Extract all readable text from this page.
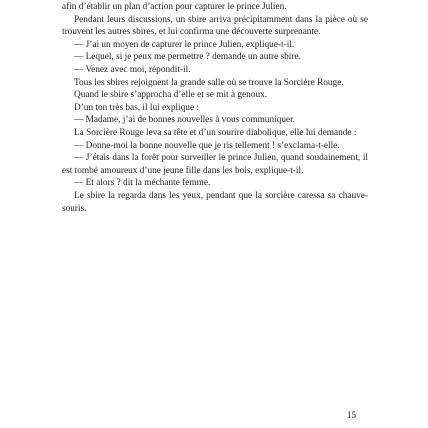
afin d’établir un plan d’action pour capturer le prince Julien.

Pendant leurs discussions, un sbire arriva précipitamment dans la pièce où se trouvent les autres sbires, et lui confirma une découverte surprenante.

— J’ai un moyen de capturer le prince Julien, explique-t-il.

— Lequel, si je peux me permettre ? demande un autre sbire.

— Venez avec moi, répondit-il.

Tous les sbires rejoignent la grande salle où se trouve la Sorcière Rouge.

Quand le sbire s’approcha d’elle et se mit à genoux.

D’un ton très bas, il lui explique :

— Madame, j’ai de bonnes nouvelles à vous communiquer.

La Sorcière Rouge leva sa tête et d’un sourire diabolique, elle lui demande :

— Donne-moi la bonne nouvelle que je ris tellement ! s’exclama-t-elle.

— J’étais dans la forêt pour surveiller le prince Julien, quand soudainement, il est tombé amoureux d’une jeune fille dans les bois, explique-t-il.

— Et alors ? dit la méchante femme.

Le sbire la regarda dans les yeux, pendant que la sorcière caressa sa chauve-souris.

15
